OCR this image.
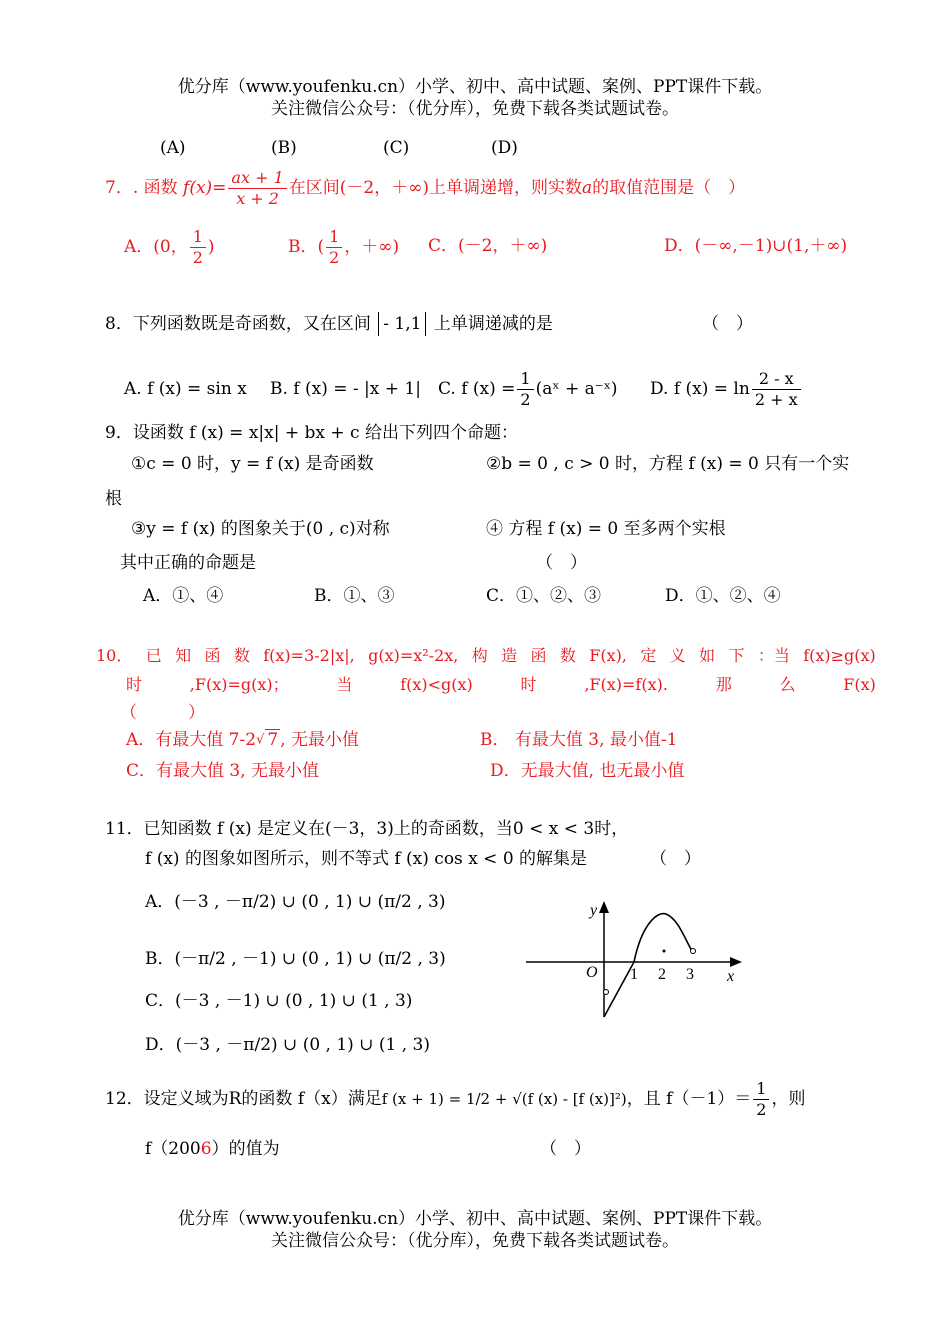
优分库（www.youfenku.cn）小学、初中、高中试题、案例、PPT课件下载。
关注微信公众号：（优分库），免费下载各类试题试卷。
(A)	(B)	(C)	(D)
7．. 函数 $f(x)= \frac{ax + 1}{x + 2}$ 在区间(－2，＋∞)上单调递增，则实数a的取值范围是（　）
A．(0， $\frac{1}{2}$ )	B．( $\frac{1}{2}$ ，＋∞) C．(－2，＋∞)	D．(－∞,－1)∪(1,＋∞)
8．下列函数既是奇函数，又在区间 - 1,1 上单调递减的是	（　）
A. f (x) = sin x B. f (x) = - |x + 1| C. f $(x) = \frac{1}{2}$ (aˣ + a⁻ˣ) D. f $(x) = \ln \frac{2 - x}{2 + x}$
9．设函数 f (x) = x|x| + bx + c 给出下列四个命题：
①c = 0 时，y = f (x) 是奇函数	②b = 0 , c > 0 时，方程 f (x) = 0 只有一个实
根
③y = f (x) 的图象关于(0 , c)对称	④ 方程 f (x) = 0 至多两个实根
其中正确的命题是	（　）
A．①、④	B．①、③	C．①、②、③	D．①、②、④
10． 已 知 函 数 f(x)=3-2|x|, g(x)=x²-2x, 构 造 函 数 F(x), 定 义 如 下 ：当 f(x)≥g(x)
时	,F(x)=g(x)；	当	f(x)<g(x)	时	,F(x)=f(x).	那	么	F(x)
（　　　）
A．有最大值 7-2√ 7 , 无最小值	B． 有最大值 3, 最小值-1
C．有最大值 3, 无最小值	D．无最大值, 也无最小值
11．已知函数 f (x) 是定义在(－3，3)上的奇函数，当0 < x < 3时，
f (x) 的图象如图所示，则不等式 f (x) cos x < 0 的解集是	（　）
A．(－3 , －π/2) ∪ (0 , 1) ∪ (π/2 , 3)
B．(－π/2 , －1) ∪ (0 , 1) ∪ (π/2 , 3)
C．(－3 , －1) ∪ (0 , 1) ∪ (1 , 3)
D．(－3 , －π/2) ∪ (0 , 1) ∪ (1 , 3)
y
x
O 1 2 3
12．设定义域为R的函数 f（x）满足f (x + 1) = 1/2 + √(f (x) - [f (x)]²)，且 $f(-1)= \frac{1}{2}$ ，则
f（2006）的值为	（　）
优分库（www.youfenku.cn）小学、初中、高中试题、案例、PPT课件下载。
关注微信公众号：（优分库），免费下载各类试题试卷。
